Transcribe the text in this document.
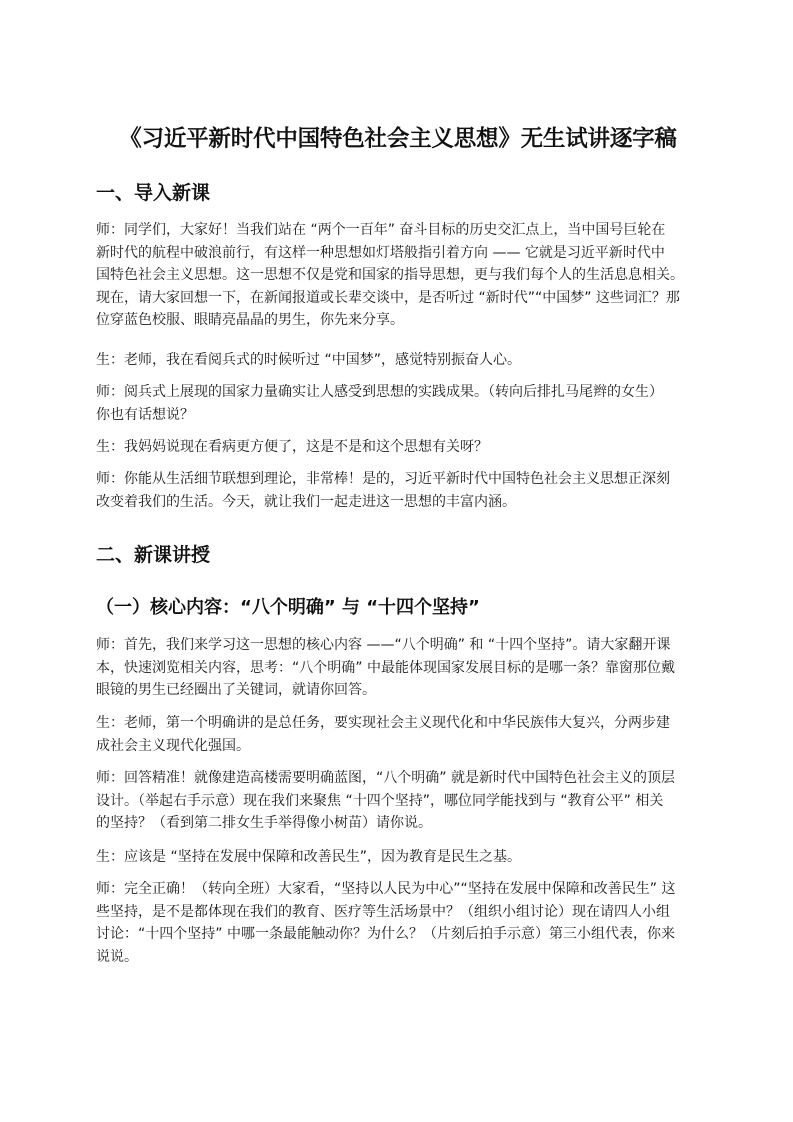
《习近平新时代中国特色社会主义思想》无生试讲逐字稿
一、导入新课
师：同学们，大家好！当我们站在 “两个一百年” 奋斗目标的历史交汇点上，当中国号巨轮在
新时代的航程中破浪前行，有这样一种思想如灯塔般指引着方向 —— 它就是习近平新时代中
国特色社会主义思想。这一思想不仅是党和国家的指导思想，更与我们每个人的生活息息相关。
现在，请大家回想一下，在新闻报道或长辈交谈中，是否听过 “新时代”“中国梦” 这些词汇？那
位穿蓝色校服、眼睛亮晶晶的男生，你先来分享。
生：老师，我在看阅兵式的时候听过 “中国梦”，感觉特别振奋人心。
师：阅兵式上展现的国家力量确实让人感受到思想的实践成果。（转向后排扎马尾辫的女生）
你也有话想说？
生：我妈妈说现在看病更方便了，这是不是和这个思想有关呀？
师：你能从生活细节联想到理论，非常棒！是的，习近平新时代中国特色社会主义思想正深刻
改变着我们的生活。今天，就让我们一起走进这一思想的丰富内涵。
二、新课讲授
（一）核心内容：“八个明确” 与 “十四个坚持”
师：首先，我们来学习这一思想的核心内容 ——“八个明确” 和 “十四个坚持”。请大家翻开课
本，快速浏览相关内容，思考：“八个明确” 中最能体现国家发展目标的是哪一条？靠窗那位戴
眼镜的男生已经圈出了关键词，就请你回答。
生：老师，第一个明确讲的是总任务，要实现社会主义现代化和中华民族伟大复兴，分两步建
成社会主义现代化强国。
师：回答精准！就像建造高楼需要明确蓝图，“八个明确” 就是新时代中国特色社会主义的顶层
设计。（举起右手示意）现在我们来聚焦 “十四个坚持”，哪位同学能找到与 “教育公平” 相关
的坚持？（看到第二排女生手举得像小树苗）请你说。
生：应该是 “坚持在发展中保障和改善民生”，因为教育是民生之基。
师：完全正确！（转向全班）大家看，“坚持以人民为中心”“坚持在发展中保障和改善民生” 这
些坚持，是不是都体现在我们的教育、医疗等生活场景中？（组织小组讨论）现在请四人小组
讨论：“十四个坚持” 中哪一条最能触动你？为什么？（片刻后拍手示意）第三小组代表，你来
说说。
